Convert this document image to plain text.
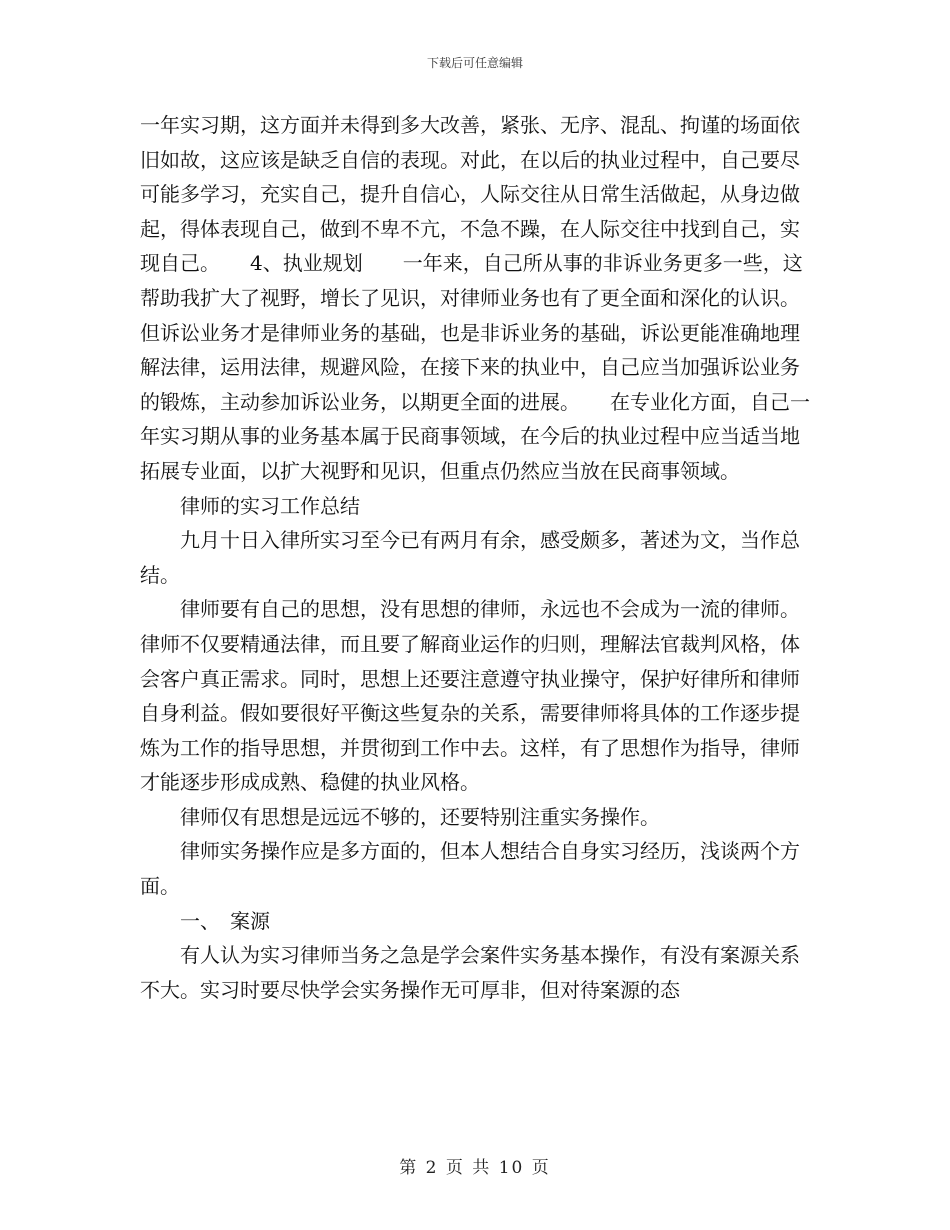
下载后可任意编辑

一年实习期，这方面并未得到多大改善，紧张、无序、混乱、拘谨的场面依旧如故，这应该是缺乏自信的表现。对此，在以后的执业过程中，自己要尽可能多学习，充实自己，提升自信心，人际交往从日常生活做起，从身边做起，得体表现自己，做到不卑不亢，不急不躁，在人际交往中找到自己，实现自己。　　4、执业规划　　一年来，自己所从事的非诉业务更多一些，这帮助我扩大了视野，增长了见识，对律师业务也有了更全面和深化的认识。但诉讼业务才是律师业务的基础，也是非诉业务的基础，诉讼更能准确地理解法律，运用法律，规避风险，在接下来的执业中，自己应当加强诉讼业务的锻炼，主动参加诉讼业务，以期更全面的进展。　　在专业化方面，自己一年实习期从事的业务基本属于民商事领域，在今后的执业过程中应当适当地拓展专业面，以扩大视野和见识，但重点仍然应当放在民商事领域。

律师的实习工作总结

九月十日入律所实习至今已有两月有余，感受颇多，著述为文，当作总结。

律师要有自己的思想，没有思想的律师，永远也不会成为一流的律师。律师不仅要精通法律，而且要了解商业运作的归则，理解法官裁判风格，体会客户真正需求。同时，思想上还要注意遵守执业操守，保护好律所和律师自身利益。假如要很好平衡这些复杂的关系，需要律师将具体的工作逐步提炼为工作的指导思想，并贯彻到工作中去。这样，有了思想作为指导，律师才能逐步形成成熟、稳健的执业风格。

律师仅有思想是远远不够的，还要特别注重实务操作。

律师实务操作应是多方面的，但本人想结合自身实习经历，浅谈两个方面。

一、　案源

有人认为实习律师当务之急是学会案件实务基本操作，有没有案源关系不大。实习时要尽快学会实务操作无可厚非，但对待案源的态

第 2 页 共 10 页
